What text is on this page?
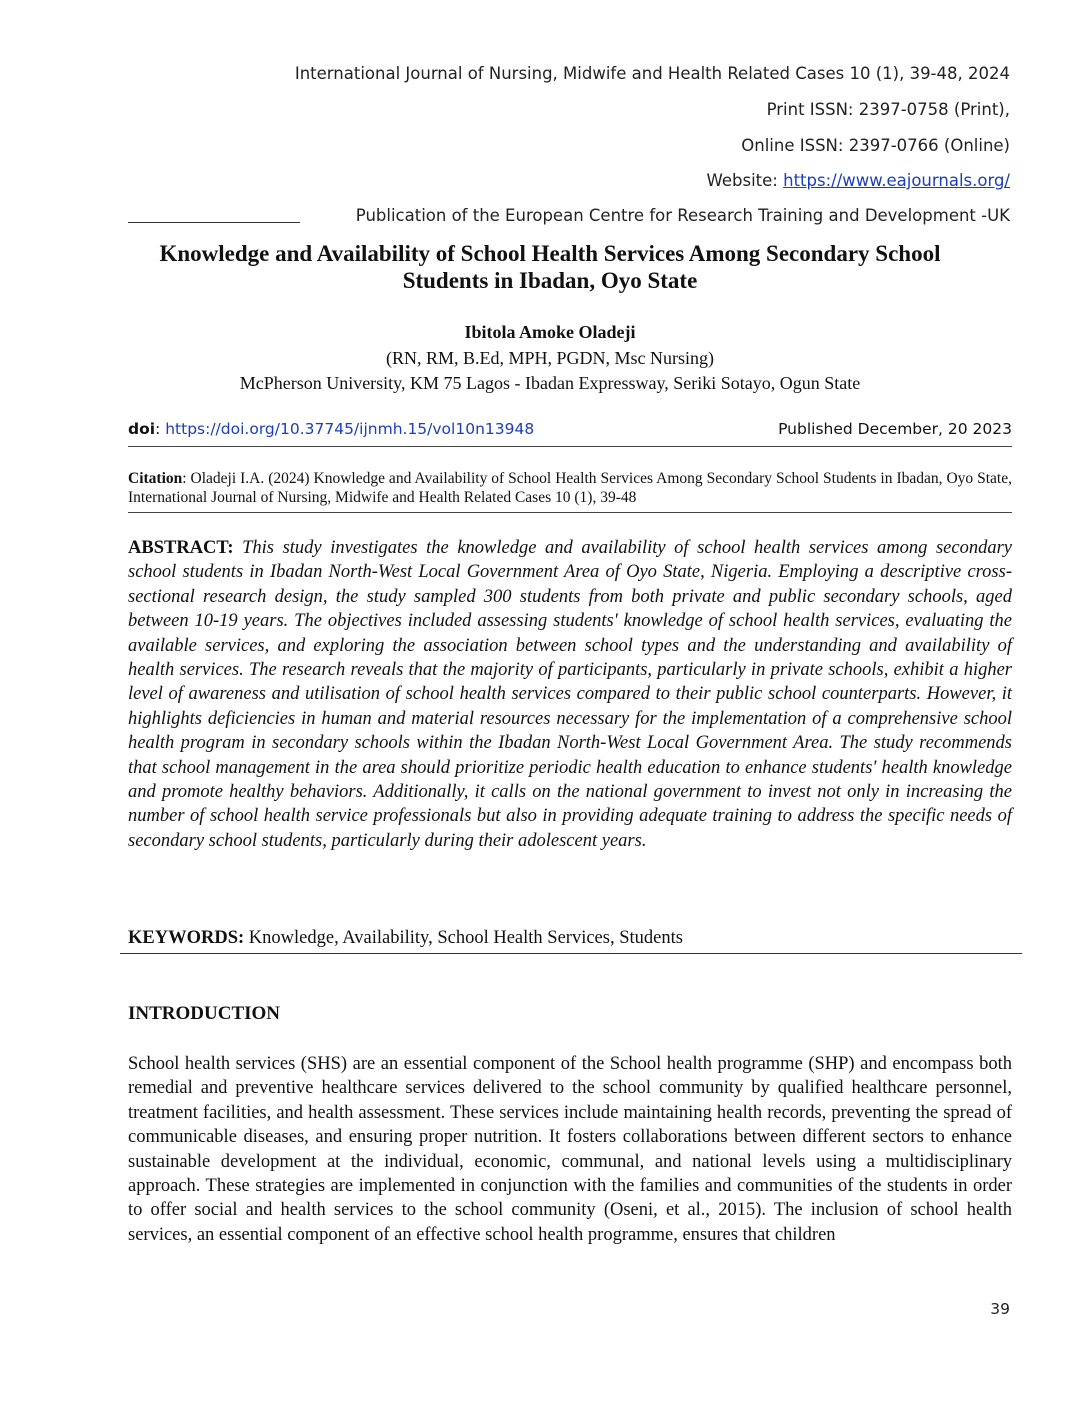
International Journal of Nursing, Midwife and Health Related Cases 10 (1), 39-48, 2024
Print ISSN: 2397-0758 (Print),
Online ISSN: 2397-0766 (Online)
Website: https://www.eajournals.org/
Publication of the European Centre for Research Training and Development -UK
Knowledge and Availability of School Health Services Among Secondary School
Students in Ibadan, Oyo State
Ibitola Amoke Oladeji
(RN, RM, B.Ed, MPH, PGDN, Msc Nursing)
McPherson University, KM 75 Lagos - Ibadan Expressway, Seriki Sotayo, Ogun State
doi: https://doi.org/10.37745/ijnmh.15/vol10n13948	Published December, 20 2023
Citation: Oladeji I.A. (2024) Knowledge and Availability of School Health Services Among Secondary School Students in Ibadan, Oyo State, International Journal of Nursing, Midwife and Health Related Cases 10 (1), 39-48
ABSTRACT: This study investigates the knowledge and availability of school health services among secondary school students in Ibadan North-West Local Government Area of Oyo State, Nigeria. Employing a descriptive cross-sectional research design, the study sampled 300 students from both private and public secondary schools, aged between 10-19 years. The objectives included assessing students' knowledge of school health services, evaluating the available services, and exploring the association between school types and the understanding and availability of health services. The research reveals that the majority of participants, particularly in private schools, exhibit a higher level of awareness and utilisation of school health services compared to their public school counterparts. However, it highlights deficiencies in human and material resources necessary for the implementation of a comprehensive school health program in secondary schools within the Ibadan North-West Local Government Area. The study recommends that school management in the area should prioritize periodic health education to enhance students' health knowledge and promote healthy behaviors. Additionally, it calls on the national government to invest not only in increasing the number of school health service professionals but also in providing adequate training to address the specific needs of secondary school students, particularly during their adolescent years.
KEYWORDS: Knowledge, Availability, School Health Services, Students
INTRODUCTION
School health services (SHS) are an essential component of the School health programme (SHP) and encompass both remedial and preventive healthcare services delivered to the school community by qualified healthcare personnel, treatment facilities, and health assessment. These services include maintaining health records, preventing the spread of communicable diseases, and ensuring proper nutrition. It fosters collaborations between different sectors to enhance sustainable development at the individual, economic, communal, and national levels using a multidisciplinary approach. These strategies are implemented in conjunction with the families and communities of the students in order to offer social and health services to the school community (Oseni, et al., 2015). The inclusion of school health services, an essential component of an effective school health programme, ensures that children
39
